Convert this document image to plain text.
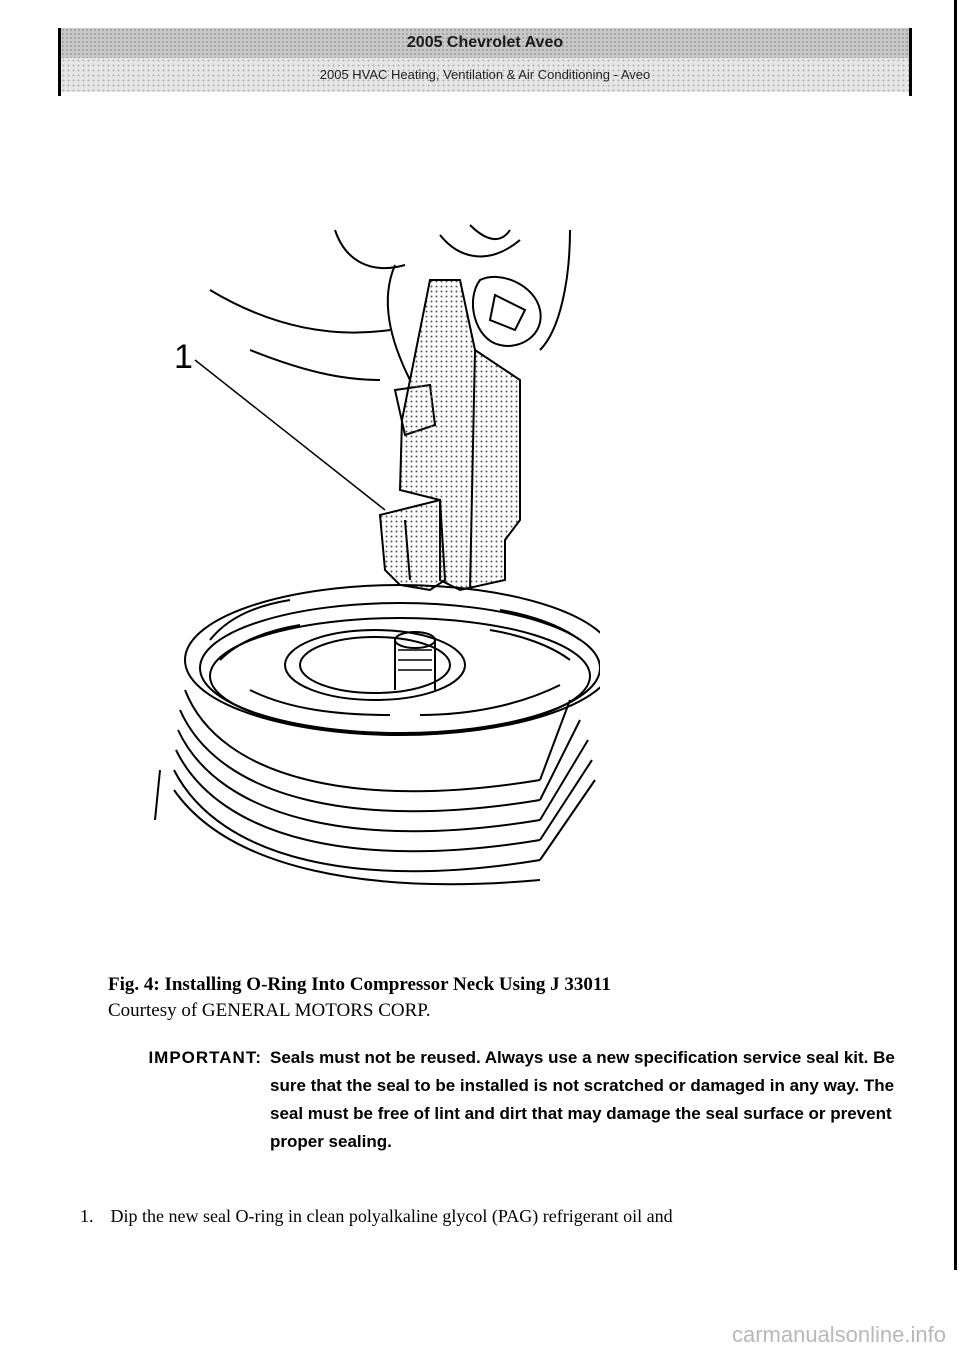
2005 Chevrolet Aveo
2005 HVAC Heating, Ventilation & Air Conditioning - Aveo
1
Fig. 4: Installing O-Ring Into Compressor Neck Using J 33011
Courtesy of GENERAL MOTORS CORP.
IMPORTANT: Seals must not be reused. Always use a new specification service seal kit. Be sure that the seal to be installed is not scratched or damaged in any way. The seal must be free of lint and dirt that may damage the seal surface or prevent proper sealing.
1. Dip the new seal O-ring in clean polyalkaline glycol (PAG) refrigerant oil and
carmanualsonline.info
